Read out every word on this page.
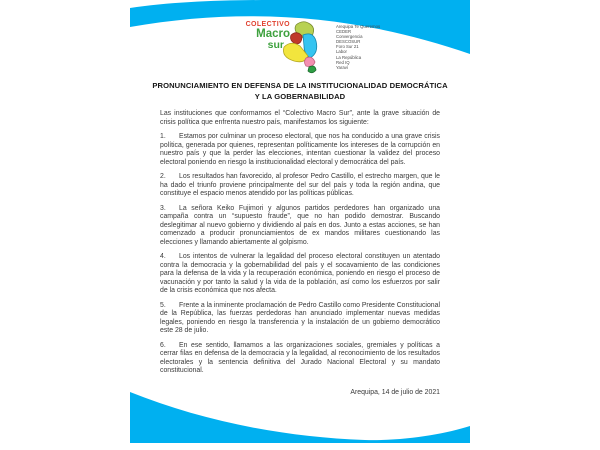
COLECTIVO
Macro
sur
Arequipa Te Queremos
CEDER
Convergencia
DESCOSUR
Foro Sur 21
Labor
La República
Red IQ
Yaraví
PRONUNCIAMIENTO EN DEFENSA DE LA INSTITUCIONALIDAD DEMOCRÁTICA
Y LA GOBERNABILIDAD

Las instituciones que conformamos el “Colectivo Macro Sur”, ante la grave situación de crisis política que enfrenta nuestro país, manifestamos los siguiente:

1. Estamos por culminar un proceso electoral, que nos ha conducido a una grave crisis política, generada por quienes, representan políticamente los intereses de la corrupción en nuestro país y que la perder las elecciones, intentan cuestionar la validez del proceso electoral poniendo en riesgo la institucionalidad electoral y democrática del país.

2. Los resultados han favorecido, al profesor Pedro Castillo, el estrecho margen, que le ha dado el triunfo proviene principalmente del sur del país y toda la región andina, que constituye el espacio menos atendido por las políticas públicas.

3. La señora Keiko Fujimori y algunos partidos perdedores han organizado una campaña contra un “supuesto fraude”, que no han podido demostrar. Buscando deslegitimar al nuevo gobierno y dividiendo al país en dos. Junto a estas acciones, se han comenzado a producir pronunciamientos de ex mandos militares cuestionando las elecciones y llamando abiertamente al golpismo.

4. Los intentos de vulnerar la legalidad del proceso electoral constituyen un atentado contra la democracia y la gobernabilidad del país y el socavamiento de las condiciones para la defensa de la vida y la recuperación económica, poniendo en riesgo el proceso de vacunación y por tanto la salud y la vida de la población, así como los esfuerzos por salir de la crisis económica que nos afecta.

5. Frente a la inminente proclamación de Pedro Castillo como Presidente Constitucional de la República, las fuerzas perdedoras han anunciado implementar nuevas medidas legales, poniendo en riesgo la transferencia y la instalación de un gobierno democrático este 28 de julio.

6. En ese sentido, llamamos a las organizaciones sociales, gremiales y políticas a cerrar filas en defensa de la democracia y la legalidad, al reconocimiento de los resultados electorales y la sentencia definitiva del Jurado Nacional Electoral y su mandato constitucional.

Arequipa, 14 de julio de 2021
